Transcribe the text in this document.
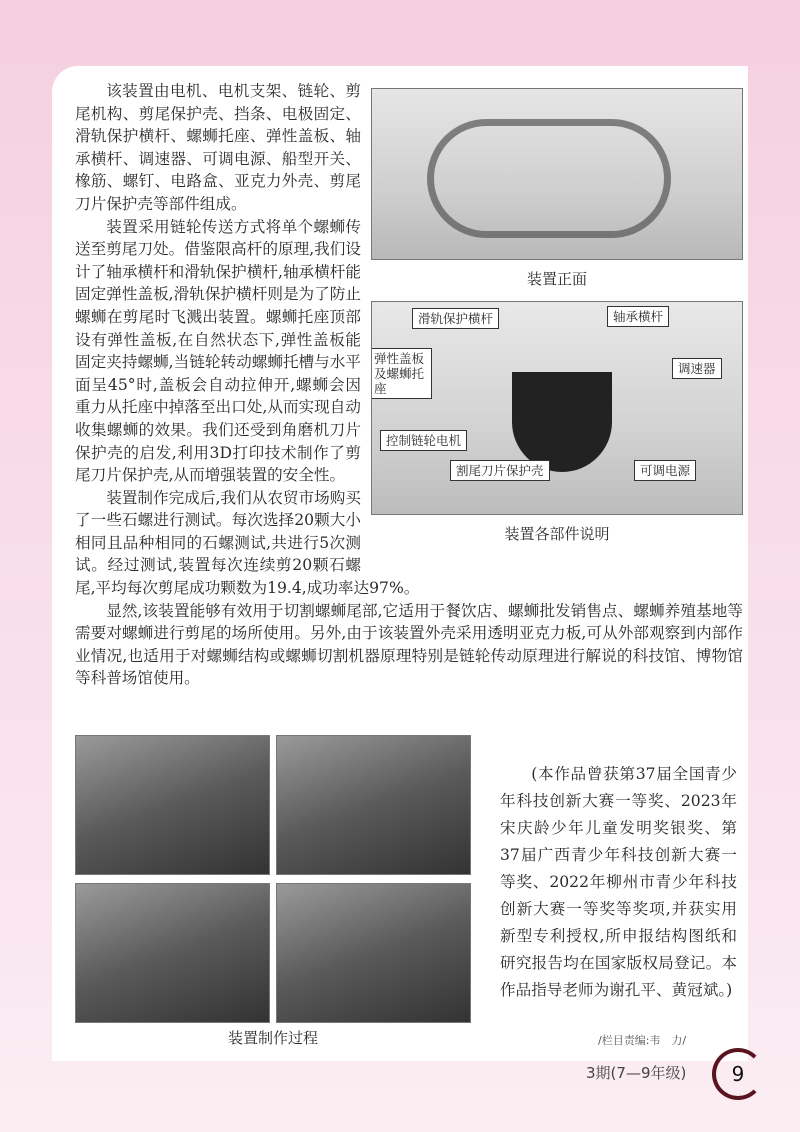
装置正面
滑轨保护横杆	轴承横杆
弹性盖板及螺蛳托座
调速器
控制链轮电机
割尾刀片保护壳	可调电源
装置各部件说明

该装置由电机、电机支架、链轮、剪尾机构、剪尾保护壳、挡条、电极固定、滑轨保护横杆、螺蛳托座、弹性盖板、轴承横杆、调速器、可调电源、船型开关、橡筋、螺钉、电路盒、亚克力外壳、剪尾刀片保护壳等部件组成。

装置采用链轮传送方式将单个螺蛳传送至剪尾刀处。借鉴限高杆的原理,我们设计了轴承横杆和滑轨保护横杆,轴承横杆能固定弹性盖板,滑轨保护横杆则是为了防止螺蛳在剪尾时飞溅出装置。螺蛳托座顶部设有弹性盖板,在自然状态下,弹性盖板能固定夹持螺蛳,当链轮转动螺蛳托槽与水平面呈45°时,盖板会自动拉伸开,螺蛳会因重力从托座中掉落至出口处,从而实现自动收集螺蛳的效果。我们还受到角磨机刀片保护壳的启发,利用3D打印技术制作了剪尾刀片保护壳,从而增强装置的安全性。

装置制作完成后,我们从农贸市场购买了一些石螺进行测试。每次选择20颗大小相同且品种相同的石螺测试,共进行5次测试。经过测试,装置每次连续剪20颗石螺尾,平均每次剪尾成功颗数为19.4,成功率达97%。

显然,该装置能够有效用于切割螺蛳尾部,它适用于餐饮店、螺蛳批发销售点、螺蛳养殖基地等需要对螺蛳进行剪尾的场所使用。另外,由于该装置外壳采用透明亚克力板,可从外部观察到内部作业情况,也适用于对螺蛳结构或螺蛳切割机器原理特别是链轮传动原理进行解说的科技馆、博物馆等科普场馆使用。

装置制作过程
(本作品曾获第37届全国青少年科技创新大赛一等奖、2023年宋庆龄少年儿童发明奖银奖、第37届广西青少年科技创新大赛一等奖、2022年柳州市青少年科技创新大赛一等奖等奖项,并获实用新型专利授权,所申报结构图纸和研究报告均在国家版权局登记。本作品指导老师为谢孔平、黄冠斌。)
/栏目责编:韦　力/
3期(7—9年级) 9
